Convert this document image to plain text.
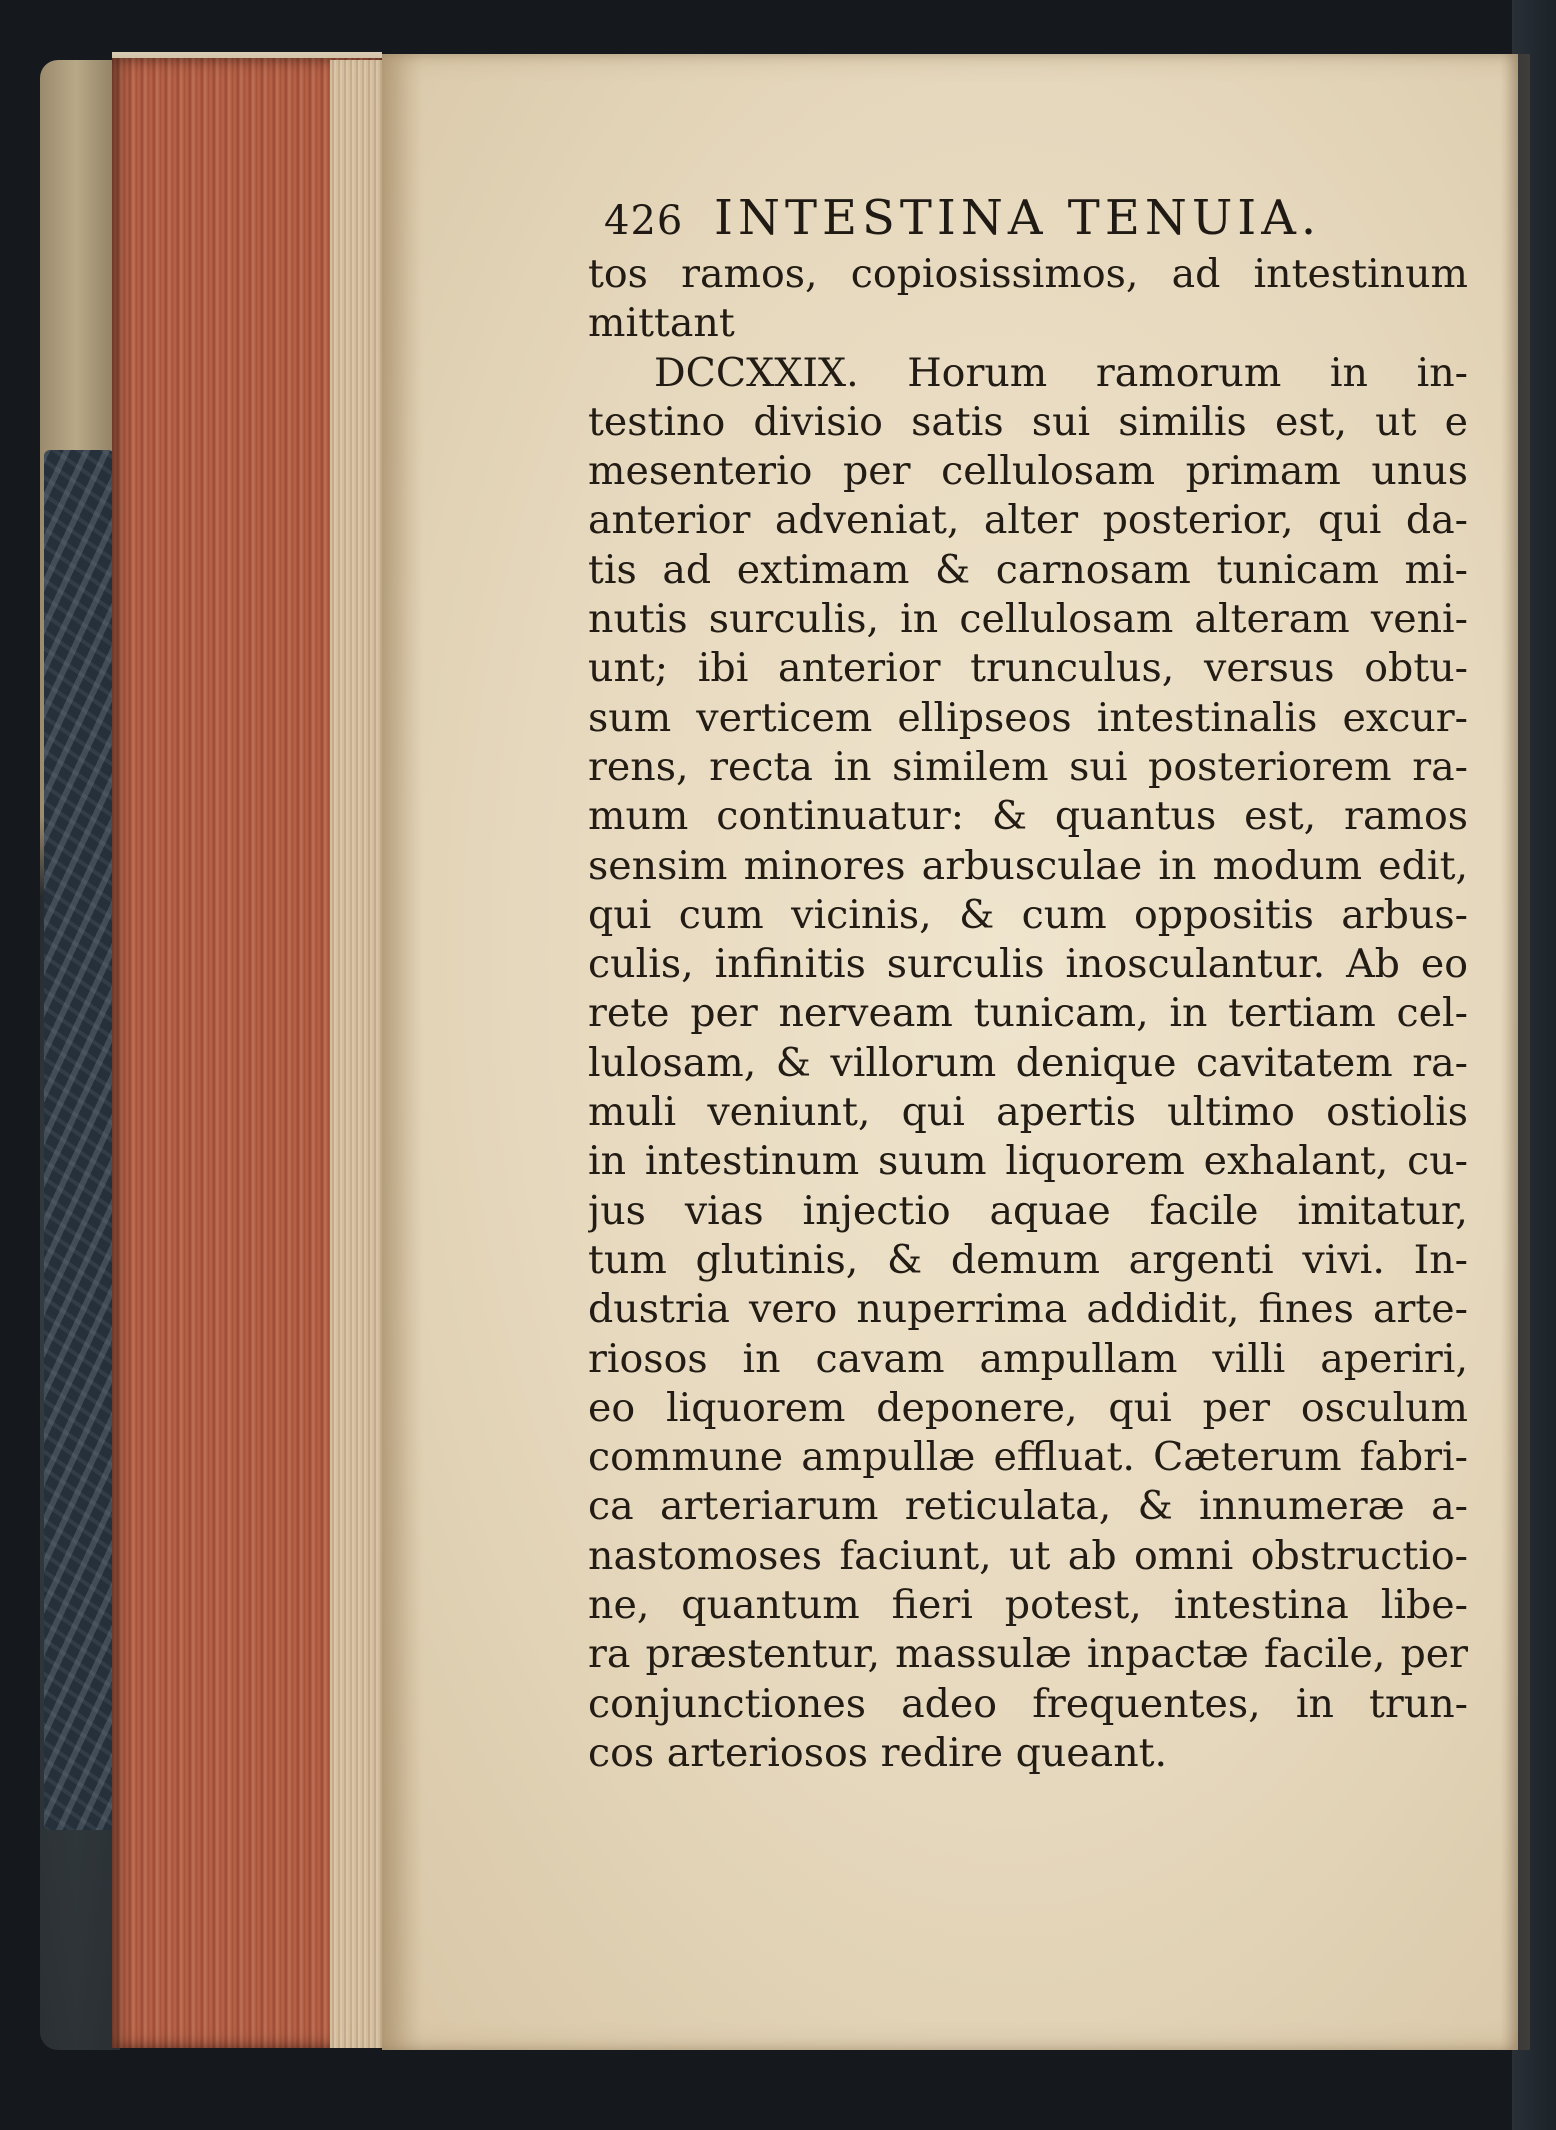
426 INTESTINA TENUIA.
tos ramos, copiosissimos, ad intestinum
mittant
DCCXXIX. Horum ramorum in in-
testino divisio satis sui similis est, ut e
mesenterio per cellulosam primam unus
anterior adveniat, alter posterior, qui da-
tis ad extimam & carnosam tunicam mi-
nutis surculis, in cellulosam alteram veni-
unt; ibi anterior trunculus, versus obtu-
sum verticem ellipseos intestinalis excur-
rens, recta in similem sui posteriorem ra-
mum continuatur: & quantus est, ramos
sensim minores arbusculae in modum edit,
qui cum vicinis, & cum oppositis arbus-
culis, infinitis surculis inosculantur. Ab eo
rete per nerveam tunicam, in tertiam cel-
lulosam, & villorum denique cavitatem ra-
muli veniunt, qui apertis ultimo ostiolis
in intestinum suum liquorem exhalant, cu-
jus vias injectio aquae facile imitatur,
tum glutinis, & demum argenti vivi. In-
dustria vero nuperrima addidit, fines arte-
riosos in cavam ampullam villi aperiri,
eo liquorem deponere, qui per osculum
commune ampullæ effluat. Cæterum fabri-
ca arteriarum reticulata, & innumeræ a-
nastomoses faciunt, ut ab omni obstructio-
ne, quantum fieri potest, intestina libe-
ra præstentur, massulæ inpactæ facile, per
conjunctiones adeo frequentes, in trun-
cos arteriosos redire queant.
